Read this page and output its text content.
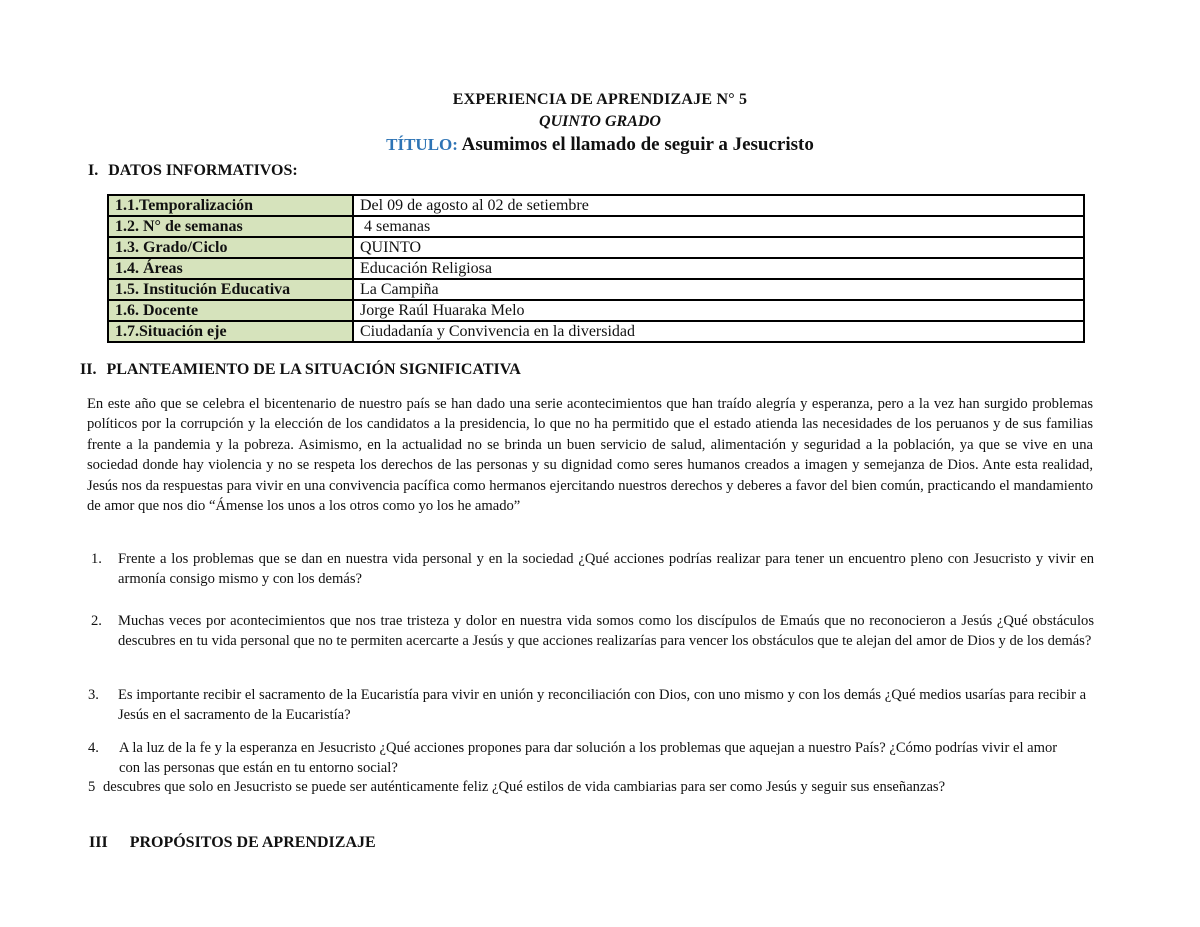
EXPERIENCIA DE APRENDIZAJE N° 5
QUINTO GRADO
TÍTULO: Asumimos el llamado de seguir a Jesucristo
I. DATOS INFORMATIVOS:
1.1.Temporalización	Del 09 de agosto al 02 de setiembre
1.2. N° de semanas	4 semanas
1.3. Grado/Ciclo	QUINTO
1.4. Áreas	Educación Religiosa
1.5. Institución Educativa	La Campiña
1.6. Docente	Jorge Raúl Huaraka Melo
1.7.Situación eje	Ciudadanía y Convivencia en la diversidad
II. PLANTEAMIENTO DE LA SITUACIÓN SIGNIFICATIVA
En este año que se celebra el bicentenario de nuestro país se han dado una serie acontecimientos que han traído alegría y esperanza, pero a la vez han surgido problemas políticos por la corrupción y la elección de los candidatos a la presidencia, lo que no ha permitido que el estado atienda las necesidades de los peruanos y de sus familias frente a la pandemia y la pobreza. Asimismo, en la actualidad no se brinda un buen servicio de salud, alimentación y seguridad a la población, ya que se vive en una sociedad donde hay violencia y no se respeta los derechos de las personas y su dignidad como seres humanos creados a imagen y semejanza de Dios. Ante esta realidad, Jesús nos da respuestas para vivir en una convivencia pacífica como hermanos ejercitando nuestros derechos y deberes a favor del bien común, practicando el mandamiento de amor que nos dio “Ámense los unos a los otros como yo los he amado”
1. Frente a los problemas que se dan en nuestra vida personal y en la sociedad ¿Qué acciones podrías realizar para tener un encuentro pleno con Jesucristo y vivir en armonía consigo mismo y con los demás?
2. Muchas veces por acontecimientos que nos trae tristeza y dolor en nuestra vida somos como los discípulos de Emaús que no reconocieron a Jesús ¿Qué obstáculos descubres en tu vida personal que no te permiten acercarte a Jesús y que acciones realizarías para vencer los obstáculos que te alejan del amor de Dios y de los demás?
3. Es importante recibir el sacramento de la Eucaristía para vivir en unión y reconciliación con Dios, con uno mismo y con los demás ¿Qué medios usarías para recibir a Jesús en el sacramento de la Eucaristía?
4. A la luz de la fe y la esperanza en Jesucristo ¿Qué acciones propones para dar solución a los problemas que aquejan a nuestro País? ¿Cómo podrías vivir el amor con las personas que están en tu entorno social?
5 descubres que solo en Jesucristo se puede ser auténticamente feliz ¿Qué estilos de vida cambiarias para ser como Jesús y seguir sus enseñanzas?
III PROPÓSITOS DE APRENDIZAJE
